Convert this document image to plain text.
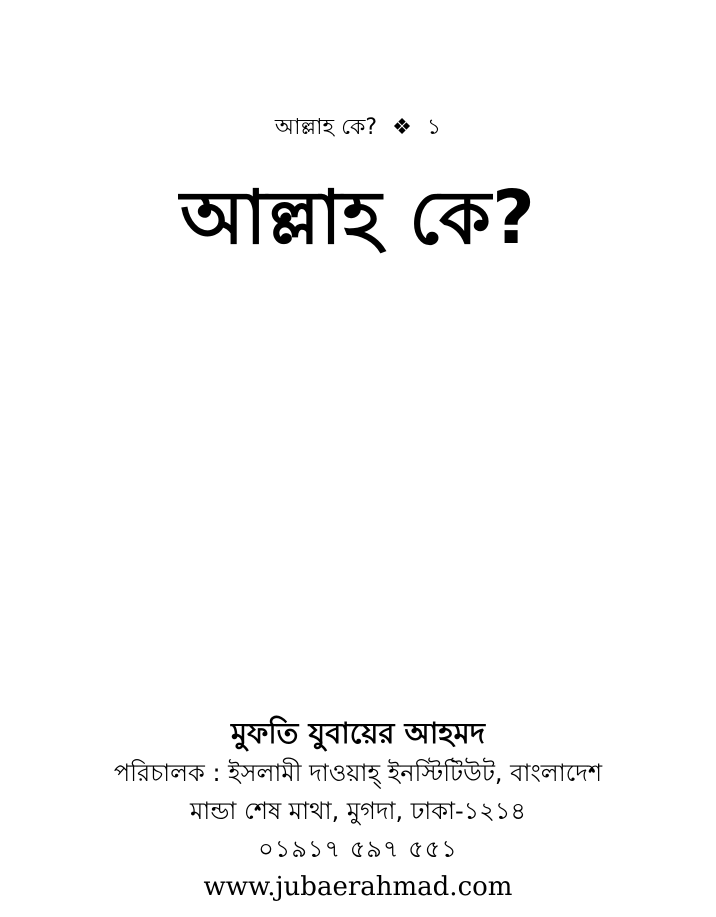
আল্লাহ কে? ❖ ১
আল্লাহ কে?
মুফতি যুবায়ের আহমদ
পরিচালক : ইসলামী দাওয়াহ্ ইনস্টিটিউট, বাংলাদেশ
মান্ডা শেষ মাথা, মুগদা, ঢাকা-১২১৪
০১৯১৭ ৫৯৭ ৫৫১
www.jubaerahmad.com
